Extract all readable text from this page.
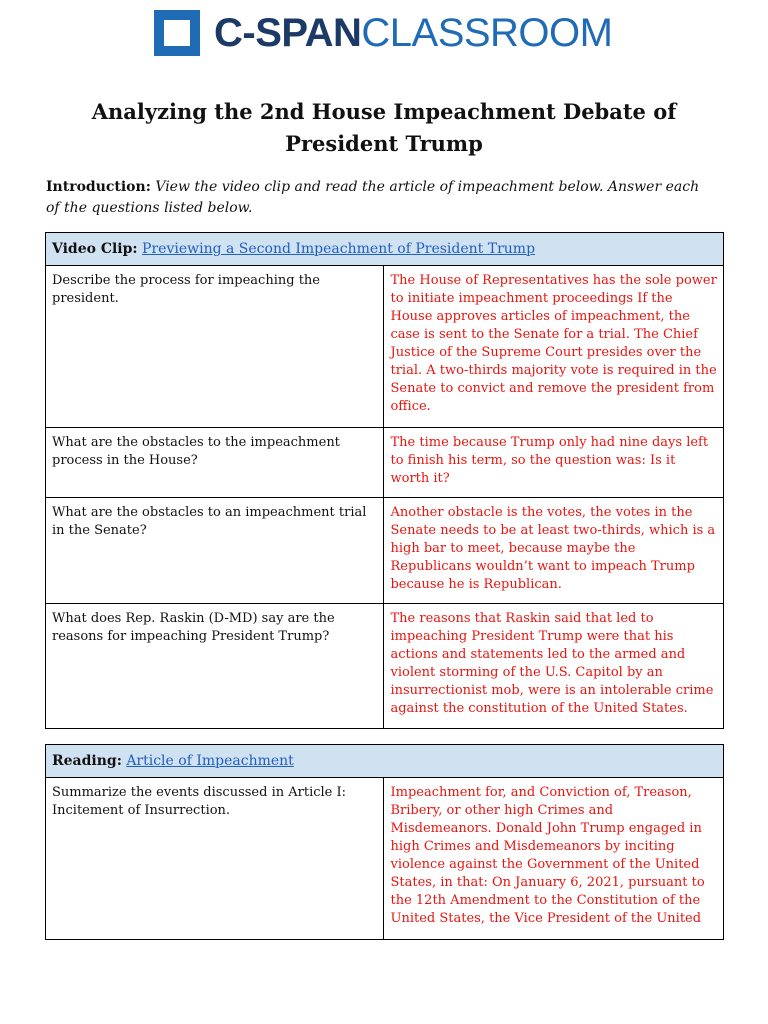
C-SPAN CLASSROOM
Analyzing the 2nd House Impeachment Debate of President Trump
Introduction: View the video clip and read the article of impeachment below. Answer each of the questions listed below.
Video Clip: Previewing a Second Impeachment of President Trump	
Describe the process for impeaching the president.	The House of Representatives has the sole power to initiate impeachment proceedings If the House approves articles of impeachment, the case is sent to the Senate for a trial. The Chief Justice of the Supreme Court presides over the trial. A two-thirds majority vote is required in the Senate to convict and remove the president from office.
What are the obstacles to the impeachment process in the House?	The time because Trump only had nine days left to finish his term, so the question was: Is it worth it?
What are the obstacles to an impeachment trial in the Senate?	Another obstacle is the votes, the votes in the Senate needs to be at least two-thirds, which is a high bar to meet, because maybe the Republicans wouldn’t want to impeach Trump because he is Republican.
What does Rep. Raskin (D-MD) say are the reasons for impeaching President Trump?	The reasons that Raskin said that led to impeaching President Trump were that his actions and statements led to the armed and violent storming of the U.S. Capitol by an insurrectionist mob, were is an intolerable crime against the constitution of the United States.
Reading: Article of Impeachment
Summarize the events discussed in Article I: Incitement of Insurrection.	Impeachment for, and Conviction of, Treason, Bribery, or other high Crimes and Misdemeanors. Donald John Trump engaged in high Crimes and Misdemeanors by inciting violence against the Government of the United States, in that: On January 6, 2021, pursuant to the 12th Amendment to the Constitution of the United States, the Vice President of the United
